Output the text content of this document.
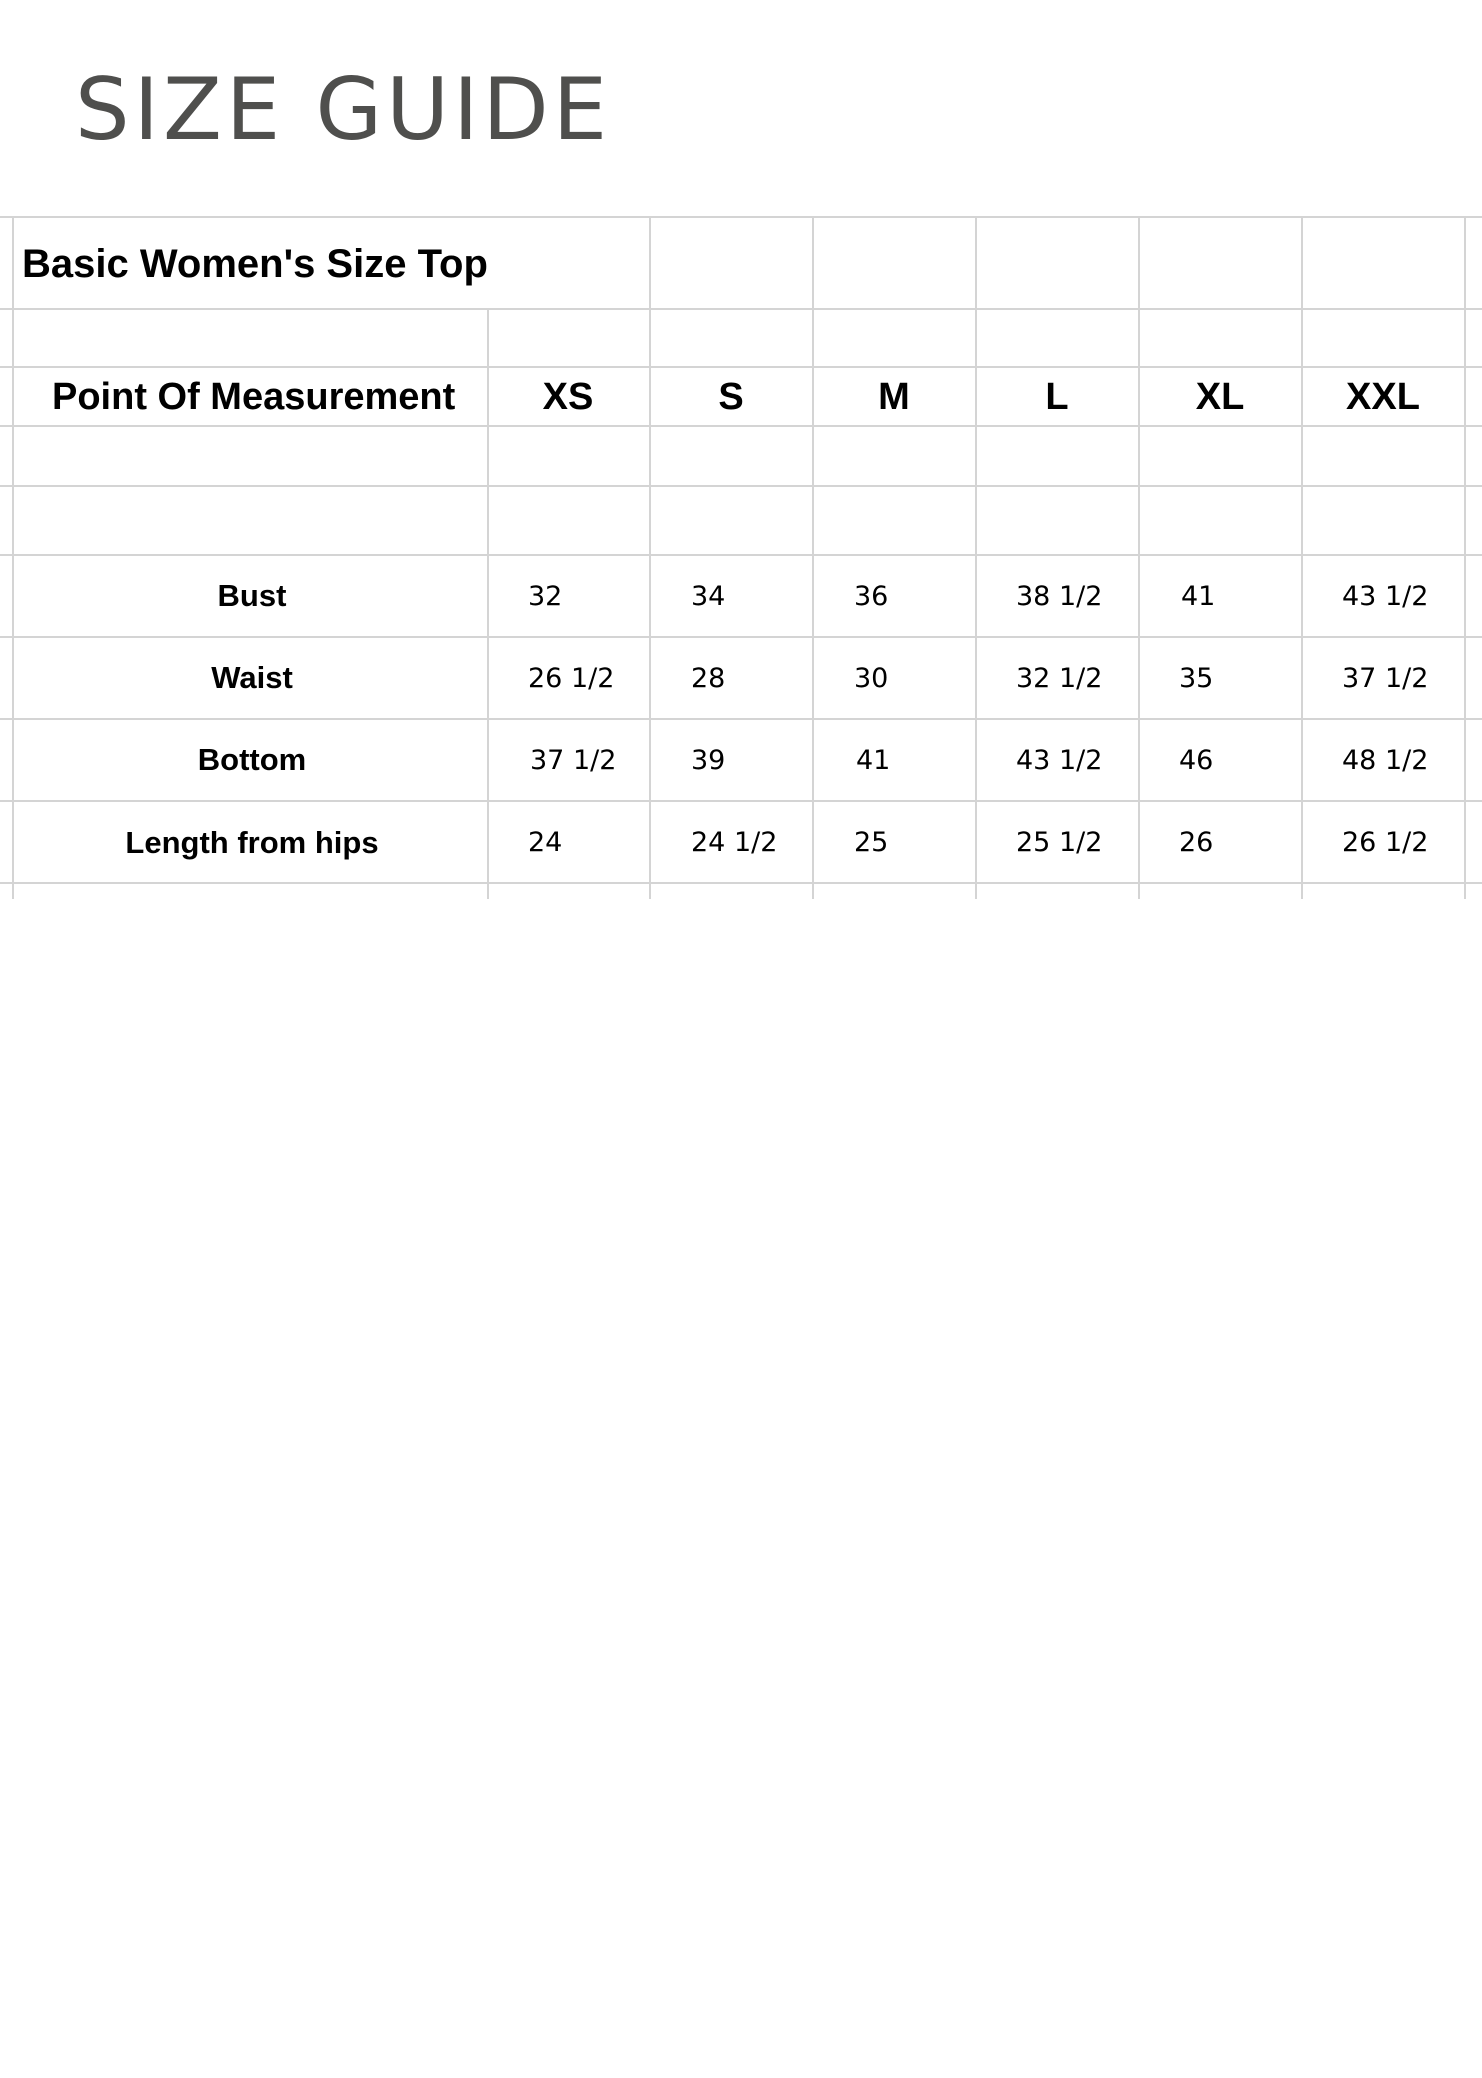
SIZE GUIDE
Basic Women's Size Top
Point Of Measurement	XS	S	M	L	XL	XXL
Bust	32	34	36	38 1/2	41	43 1/2
Waist	26 1/2	28	30	32 1/2	35	37 1/2
Bottom	37 1/2	39	41	43 1/2	46	48 1/2
Length from hips	24	24 1/2	25	25 1/2	26	26 1/2
